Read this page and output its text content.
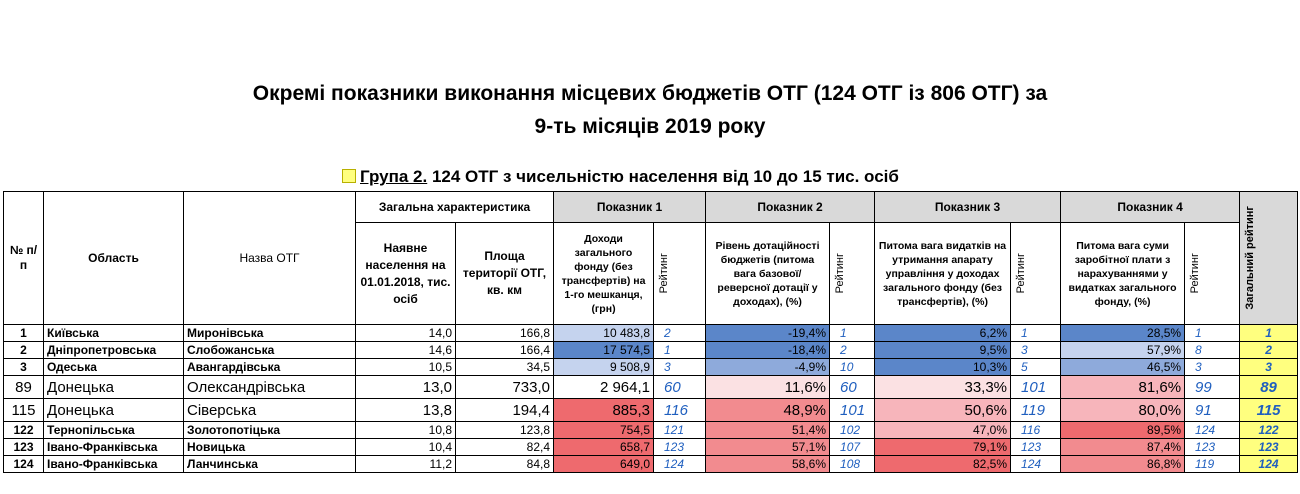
Окремі показники виконання місцевих бюджетів ОТГ (124 ОТГ із 806 ОТГ) за
9-ть місяців 2019 року
Група 2. 124 ОТГ з чисельністю населення від 10 до 15 тис. осіб
№ п/п	Область	Назва ОТГ	Загальна характеристика		Показник 1		Показник 2		Показник 3		Показник 4		Загальний рейтинг

			Наявне населення на 01.01.2018, тис. осіб	Площа території ОТГ, кв. км	Доходи загального фонду (без трансфертів) на 1-го мешканця, (грн)	Рейтинг	Рівень дотаційності бюджетів (питома вага базової/ реверсної дотації у доходах), (%)	Рейтинг	Питома вага видатків на утримання апарату управління у доходах загального фонду (без трансфертів), (%)	Рейтинг	Питома вага суми заробітної плати з нарахуваннями у видатках загального фонду, (%)	Рейтинг	

1	Київська	Миронівська	14,0	166,8	10 483,8	2	-19,4%	1	6,2%	1	28,5%	1	1
2	Дніпропетровська	Слобожанська	14,6	166,4	17 574,5	1	-18,4%	2	9,5%	3	57,9%	8	2
3	Одеська	Авангардівська	10,5	34,5	9 508,9	3	-4,9%	10	10,3%	5	46,5%	3	3
89	Донецька	Олександрівська	13,0	733,0	2 964,1	60	11,6%	60	33,3%	101	81,6%	99	89
115	Донецька	Сіверська	13,8	194,4	885,3	116	48,9%	101	50,6%	119	80,0%	91	115
122	Тернопільська	Золотопотіцька	10,8	123,8	754,5	121	51,4%	102	47,0%	116	89,5%	124	122
123	Івано-Франківська	Новицька	10,4	82,4	658,7	123	57,1%	107	79,1%	123	87,4%	123	123
124	Івано-Франківська	Ланчинська	11,2	84,8	649,0	124	58,6%	108	82,5%	124	86,8%	119	124
